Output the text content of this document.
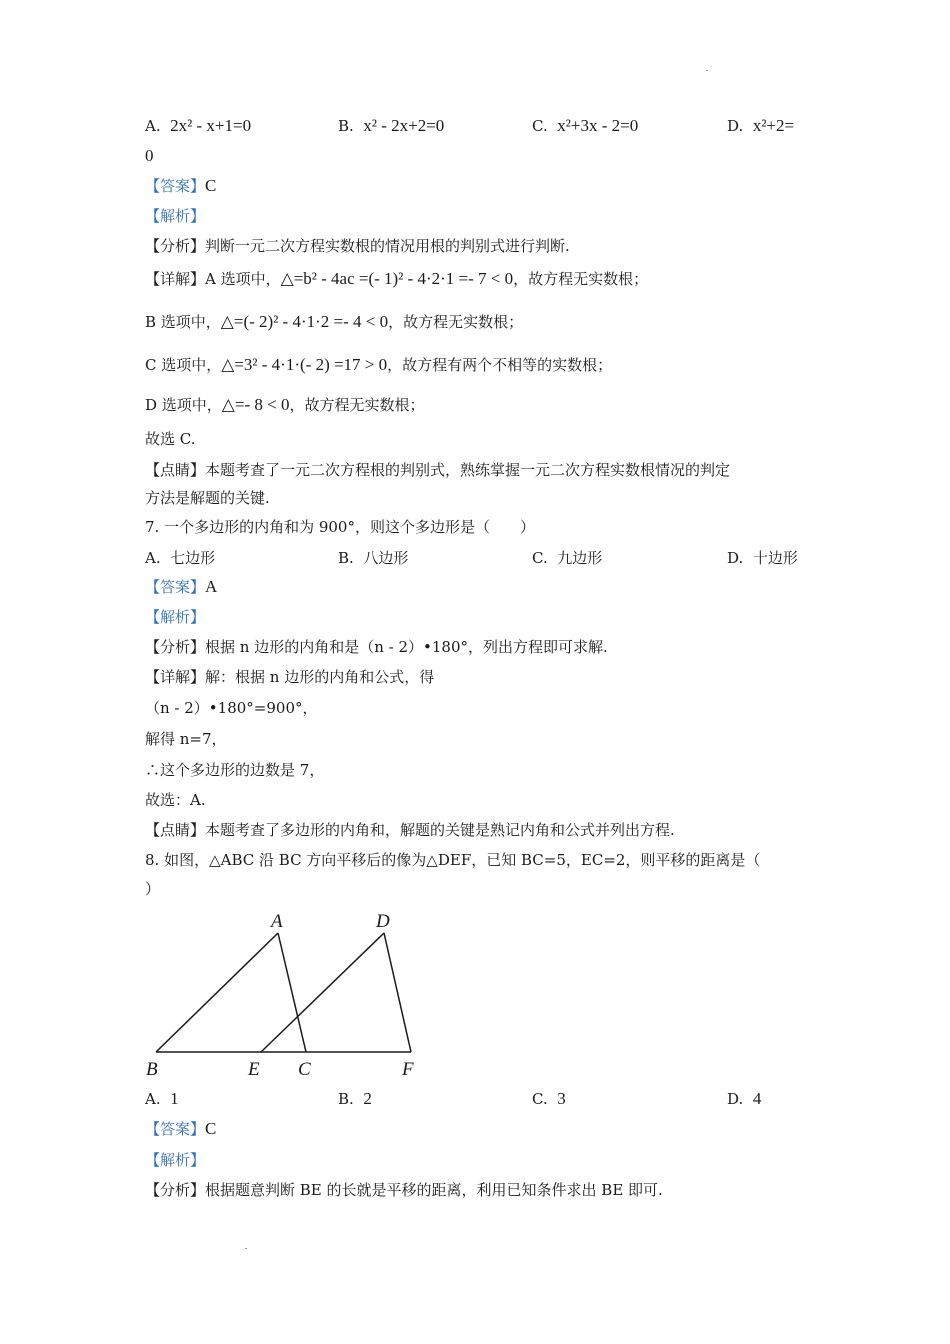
A. 2x² - x+1=0	B. x² - 2x+2=0	C. x²+3x - 2=0	D. x²+2=
0
【答案】C
【解析】
【分析】判断一元二次方程实数根的情况用根的判别式进行判断.
【详解】A 选项中，△=b² - 4ac =(- 1)² - 4·2·1 =- 7 < 0，故方程无实数根；
B 选项中，△=(- 2)² - 4·1·2 =- 4 < 0，故方程无实数根；
C 选项中，△=3² - 4·1·(- 2) =17 > 0，故方程有两个不相等的实数根；
D 选项中，△=- 8 < 0，故方程无实数根；
故选 C.
【点睛】本题考查了一元二次方程根的判别式，熟练掌握一元二次方程实数根情况的判定
方法是解题的关键.
7. 一个多边形的内角和为 900°，则这个多边形是（　　）
A. 七边形	B. 八边形	C. 九边形	D. 十边形
【答案】A
【解析】
【分析】根据 n 边形的内角和是（n - 2）•180°，列出方程即可求解.
【详解】解：根据 n 边形的内角和公式，得
（n - 2）•180°=900°，
解得 n=7，
∴这个多边形的边数是 7，
故选：A.
【点睛】本题考查了多边形的内角和，解题的关键是熟记内角和公式并列出方程.
8. 如图，△ABC 沿 BC 方向平移后的像为△DEF，已知 BC=5，EC=2，则平移的距离是（
）
A	D
B	E C	F
A. 1	B. 2	C. 3	D. 4
【答案】C
【解析】
【分析】根据题意判断 BE 的长就是平移的距离，利用已知条件求出 BE 即可.
